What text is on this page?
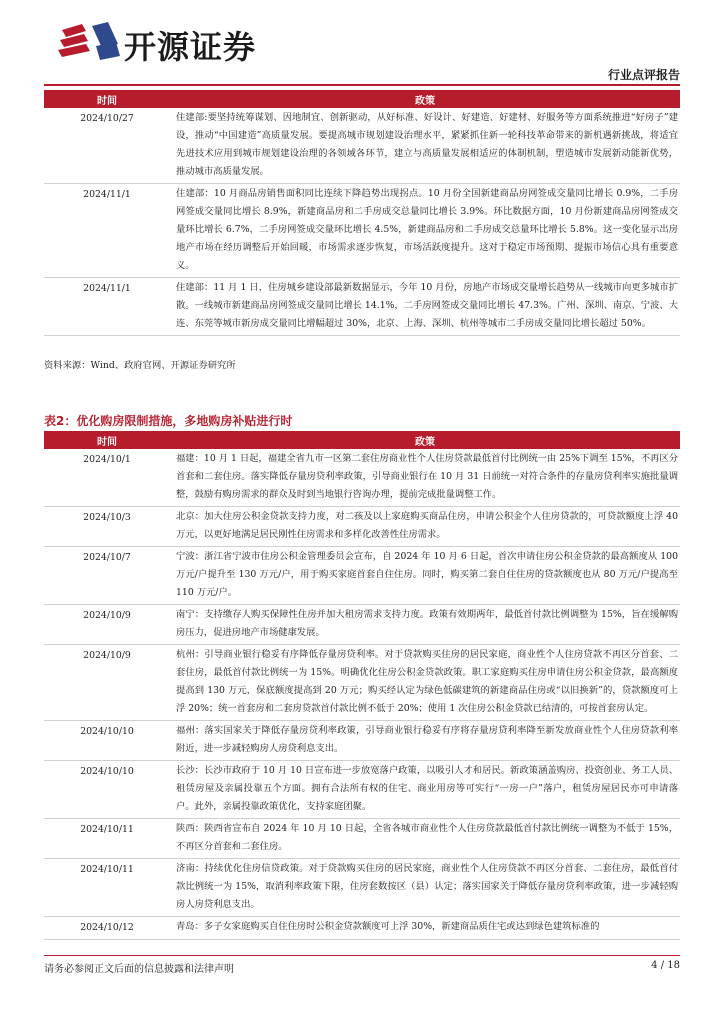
开源证券
行业点评报告
时间	政策
2024/10/27	住建部:要坚持统筹谋划、因地制宜、创新驱动，从好标准、好设计、好建造、好建材、好服务等方面系统推进“好房子”建设，推动“中国建造”高质量发展。要提高城市规划建设治理水平，紧紧抓住新一轮科技革命带来的新机遇新挑战，将适宜先进技术应用到城市规划建设治理的各领域各环节，建立与高质量发展相适应的体制机制，塑造城市发展新动能新优势，推动城市高质量发展。
2024/11/1	住建部：10 月商品房销售面积同比连续下降趋势出现拐点。10 月份全国新建商品房网签成交量同比增长 0.9%，二手房网签成交量同比增长 8.9%，新建商品房和二手房成交总量同比增长 3.9%。环比数据方面，10 月份新建商品房网签成交量环比增长 6.7%，二手房网签成交量环比增长 4.5%，新建商品房和二手房成交总量环比增长 5.8%。这一变化显示出房地产市场在经历调整后开始回暖，市场需求逐步恢复，市场活跃度提升。这对于稳定市场预期、提振市场信心具有重要意义。
2024/11/1	住建部：11 月 1 日，住房城乡建设部最新数据显示，今年 10 月份，房地产市场成交量增长趋势从一线城市向更多城市扩散。一线城市新建商品房网签成交量同比增长 14.1%，二手房网签成交量同比增长 47.3%。广州、深圳、南京、宁波、大连、东莞等城市新房成交量同比增幅超过 30%，北京、上海、深圳、杭州等城市二手房成交量同比增长超过 50%。
资料来源：Wind、政府官网、开源证券研究所
表2：优化购房限制措施，多地购房补贴进行时
时间	政策
2024/10/1	福建：10 月 1 日起，福建全省九市一区第二套住房商业性个人住房贷款最低首付比例统一由 25%下调至 15%，不再区分首套和二套住房。落实降低存量房贷利率政策，引导商业银行在 10 月 31 日前统一对符合条件的存量房贷利率实施批量调整，鼓励有购房需求的群众及时到当地银行咨询办理，提前完成批量调整工作。
2024/10/3	北京：加大住房公积金贷款支持力度，对二孩及以上家庭购买商品住房，申请公积金个人住房贷款的，可贷款额度上浮 40 万元，以更好地满足居民刚性住房需求和多样化改善性住房需求。
2024/10/7	宁波：浙江省宁波市住房公积金管理委员会宣布，自 2024 年 10 月 6 日起，首次申请住房公积金贷款的最高额度从 100 万元/户提升至 130 万元/户，用于购买家庭首套自住住房。同时，购买第二套自住住房的贷款额度也从 80 万元/户提高至 110 万元/户。
2024/10/9	南宁：支持缴存人购买保障性住房并加大租房需求支持力度。政策有效期两年，最低首付款比例调整为 15%，旨在缓解购房压力，促进房地产市场健康发展。
2024/10/9	杭州：引导商业银行稳妥有序降低存量房贷利率。对于贷款购买住房的居民家庭，商业性个人住房贷款不再区分首套、二套住房，最低首付款比例统一为 15%。明确优化住房公积金贷款政策。职工家庭购买住房申请住房公积金贷款，最高额度提高到 130 万元，保底额度提高到 20 万元；购买经认定为绿色低碳建筑的新建商品住房或“以旧换新”的，贷款额度可上浮 20%；统一首套房和二套房贷款首付款比例不低于 20%；使用 1 次住房公积金贷款已结清的，可按首套房认定。
2024/10/10	福州：落实国家关于降低存量房贷利率政策，引导商业银行稳妥有序将存量房贷利率降至新发放商业性个人住房贷款利率附近，进一步减轻购房人房贷利息支出。
2024/10/10	长沙：长沙市政府于 10 月 10 日宣布进一步放宽落户政策，以吸引人才和居民。新政策涵盖购房、投资创业、务工人员、租赁房屋及亲属投靠五个方面。拥有合法所有权的住宅、商业用房等可实行“一房一户”落户，租赁房屋居民亦可申请落户。此外，亲属投靠政策优化，支持家庭团聚。
2024/10/11	陕西：陕西省宣布自 2024 年 10 月 10 日起，全省各城市商业性个人住房贷款最低首付款比例统一调整为不低于 15%，不再区分首套和二套住房。
2024/10/11	济南：持续优化住房信贷政策。对于贷款购买住房的居民家庭，商业性个人住房贷款不再区分首套、二套住房，最低首付款比例统一为 15%，取消利率政策下限，住房套数按区（县）认定；落实国家关于降低存量房贷利率政策，进一步减轻购房人房贷利息支出。
2024/10/12	青岛：多子女家庭购买自住住房时公积金贷款额度可上浮 30%，新建商品质住宅或达到绿色建筑标准的
请务必参阅正文后面的信息披露和法律声明	4 / 18
